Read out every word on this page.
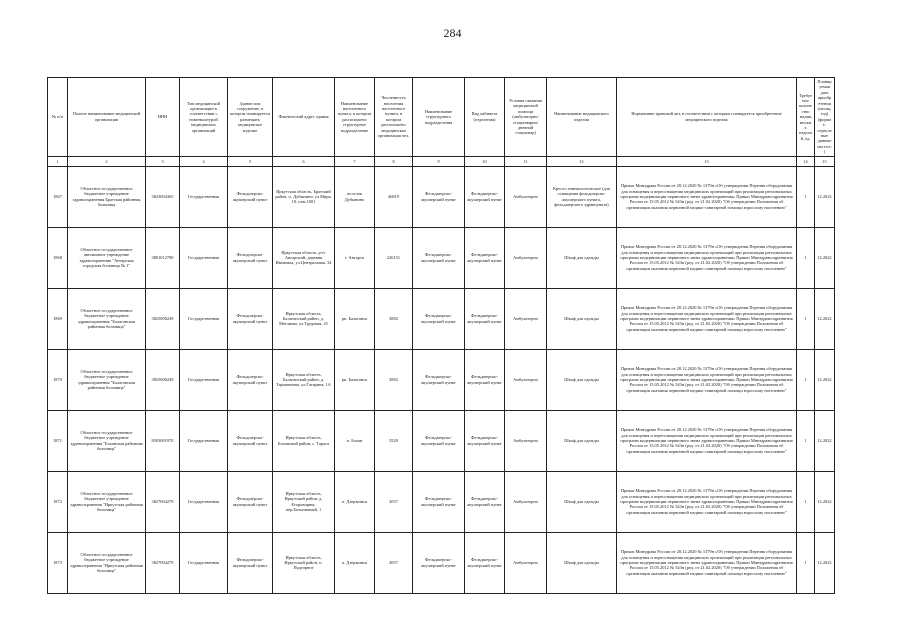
284
№ п/п	Полное наименование медицинской организации	ИНН	Тип медицинской организации в соответствии с номенклатурой медицинских организаций	Здание или сооружение, в котором планируется размещать медицинское изделие	Фактический адрес здания	Наименование населенного пункта, в котором расположено структурное подразделение	Численность населения населенного пункта, в котором расположено медицинская организация чел.	Наименование структурного подразделения	Вид кабинета (отделения)	Условия оказания медицинской помощи (амбулаторно/стационарно/дневной стационар)	Наименование медицинского изделия	Нормативно-правовой акт, в соответствии с которым планируется приобретение медицинского изделия	Требуемое количество медицинских изделий, ед.	Планируемая дата приобретения (месяц, год) (формат: отраслевые данные мм.гггг.)
1	2	3	4	5	6	7	8	9	10	11	12	13	14	15
1867	Областное государственное бюджетное учреждение здравоохранения Братская районная больница	3823004365	Государственная	Фельдшерско-акушерский пункт	Иркутская область, Братский район, п. Дубынино, ул.Мира, 10, пом 1001	поселок Дубынино	46819	Фельдшерско-акушерский пункт	Фельдшерско-акушерский пункт	Амбулаторно	Кресло гинекологическое (для оснащения фельдшерско-акушерского пункта, фельдшерского здравпункта)	Приказ Минздрава России от 28.12.2020 № 1379н «Об утверждении Перечня оборудования для оснащения и переоснащения медицинских организаций при реализации региональных программ модернизации первичного звена здравоохранения» Приказ Минздравсоцразвития России от 15.05.2012 № 543н (ред. от 21.02.2020) "Об утверждении Положения об организации оказания первичной медико-санитарной помощи взрослому населению"	1	12.2022
1868	Областное государственное автономное учреждение здравоохранения "Ангарская городская больница № 1"	3801012780	Государственная	Фельдшерско-акушерский пункт	Иркутская область, р-н. Ангарский, деревня Ивановка, ул.Центральная, 34	г. Ангарск	226151	Фельдшерско-акушерский пункт	Фельдшерско-акушерский пункт	Амбулаторно	Шкаф для одежды	Приказ Минздрава России от 28.12.2020 № 1379н «Об утверждении Перечня оборудования для оснащения и переоснащения медицинских организаций при реализации региональных программ модернизации первичного звена здравоохранения» Приказ Минздравсоцразвития России от 15.05.2012 № 543н (ред. от 21.02.2020) "Об утверждении Положения об организации оказания первичной медико-санитарной помощи взрослому населению"	1	12.2022
1869	Областное государственное бюджетное учреждение здравоохранения "Балаганская районная больница"	3825000249	Государственная	Фельдшерско-акушерский пункт	Иркутская область, Балаганский район, д. Метляева, ул.Трудовая, 25	рп. Балаганск	3882	Фельдшерско-акушерский пункт	Фельдшерско-акушерский пункт	Амбулаторно	Шкаф для одежды	Приказ Минздрава России от 28.12.2020 № 1379н «Об утверждении Перечня оборудования для оснащения и переоснащения медицинских организаций при реализации региональных программ модернизации первичного звена здравоохранения» Приказ Минздравсоцразвития России от 15.05.2012 № 543н (ред. от 21.02.2020) "Об утверждении Положения об организации оказания первичной медико-санитарной помощи взрослому населению"	1	12.2022
1870	Областное государственное бюджетное учреждение здравоохранения "Балаганская районная больница"	3825000249	Государственная	Фельдшерско-акушерский пункт	Иркутская область, Балаганский район, д. Тарашинова, ул.Гагарина, 1А	рп. Балаганск	3882	Фельдшерско-акушерский пункт	Фельдшерско-акушерский пункт	Амбулаторно	Шкаф для одежды	Приказ Минздрава России от 28.12.2020 № 1379н «Об утверждении Перечня оборудования для оснащения и переоснащения медицинских организаций при реализации региональных программ модернизации первичного звена здравоохранения» Приказ Минздравсоцразвития России от 15.05.2012 № 543н (ред. от 21.02.2020) "Об утверждении Положения об организации оказания первичной медико-санитарной помощи взрослому населению"	1	12.2022
1871	Областное государственное бюджетное учреждение здравоохранения "Боханская районная больница"	8503001970	Государственная	Фельдшерско-акушерский пункт	Иркутская область, Боханский район, с. Тараса	п. Бохан	5520	Фельдшерско-акушерский пункт	Фельдшерско-акушерский пункт	Амбулаторно	Шкаф для одежды	Приказ Минздрава России от 28.12.2020 № 1379н «Об утверждении Перечня оборудования для оснащения и переоснащения медицинских организаций при реализации региональных программ модернизации первичного звена здравоохранения» Приказ Минздравсоцразвития России от 15.05.2012 № 543н (ред. от 21.02.2020) "Об утверждении Положения об организации оказания первичной медико-санитарной помощи взрослому населению"	1	12.2022
1872	Областное государственное бюджетное учреждение здравоохранения "Иркутская районная больница"	3827004279	Государственная	Фельдшерско-акушерский пункт	Иркутская область, Иркутский район, д. Егоровщина, пер.Больничный, 1	п. Дзержинск	2057	Фельдшерско-акушерский пункт	Фельдшерско-акушерский пункт	Амбулаторно	Шкаф для одежды	Приказ Минздрава России от 28.12.2020 № 1379н «Об утверждении Перечня оборудования для оснащения и переоснащения медицинских организаций при реализации региональных программ модернизации первичного звена здравоохранения» Приказ Минздравсоцразвития России от 15.05.2012 № 543н (ред. от 21.02.2020) "Об утверждении Положения об организации оказания первичной медико-санитарной помощи взрослому населению"	1	12.2022
1873	Областное государственное бюджетное учреждение здравоохранения "Иркутская районная больница"	3827004279	Государственная	Фельдшерско-акушерский пункт	Иркутская область, Иркутский район, п. Подгорное	п. Дзержинск	2057	Фельдшерско-акушерский пункт	Фельдшерско-акушерский пункт	Амбулаторно	Шкаф для одежды	Приказ Минздрава России от 28.12.2020 № 1379н «Об утверждении Перечня оборудования для оснащения и переоснащения медицинских организаций при реализации региональных программ модернизации первичного звена здравоохранения» Приказ Минздравсоцразвития России от 15.05.2012 № 543н (ред. от 21.02.2020) "Об утверждении Положения об организации оказания первичной медико-санитарной помощи взрослому населению"	1	12.2022
